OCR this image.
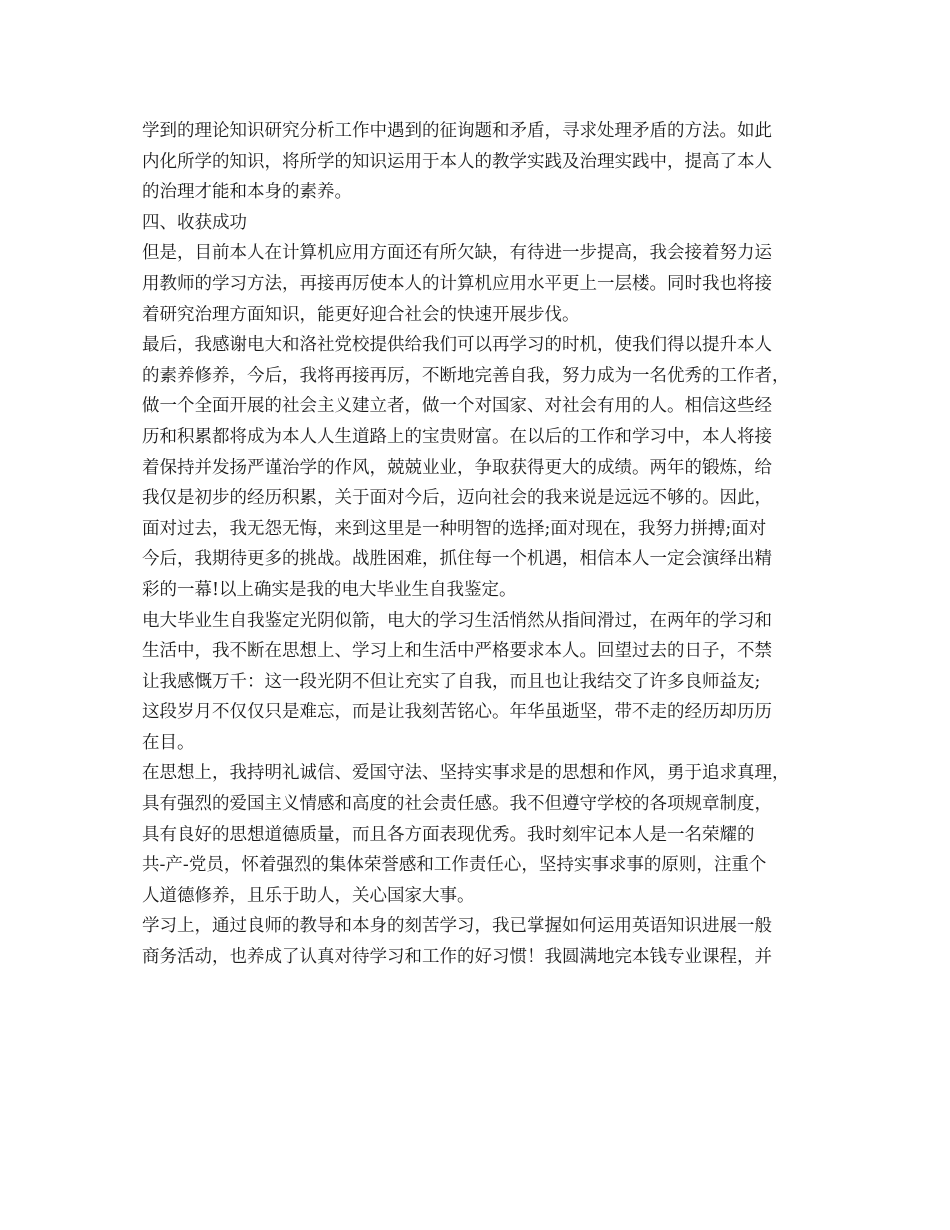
学到的理论知识研究分析工作中遇到的征询题和矛盾，寻求处理矛盾的方法。如此
内化所学的知识，将所学的知识运用于本人的教学实践及治理实践中，提高了本人
的治理才能和本身的素养。
四、收获成功
但是，目前本人在计算机应用方面还有所欠缺，有待进一步提高，我会接着努力运
用教师的学习方法，再接再厉使本人的计算机应用水平更上一层楼。同时我也将接
着研究治理方面知识，能更好迎合社会的快速开展步伐。
最后，我感谢电大和洛社党校提供给我们可以再学习的时机，使我们得以提升本人
的素养修养，今后，我将再接再厉，不断地完善自我，努力成为一名优秀的工作者，
做一个全面开展的社会主义建立者，做一个对国家、对社会有用的人。相信这些经
历和积累都将成为本人人生道路上的宝贵财富。在以后的工作和学习中，本人将接
着保持并发扬严谨治学的作风，兢兢业业，争取获得更大的成绩。两年的锻炼，给
我仅是初步的经历积累，关于面对今后，迈向社会的我来说是远远不够的。因此，
面对过去，我无怨无悔，来到这里是一种明智的选择;面对现在，我努力拼搏;面对
今后，我期待更多的挑战。战胜困难，抓住每一个机遇，相信本人一定会演绎出精
彩的一幕!以上确实是我的电大毕业生自我鉴定。
电大毕业生自我鉴定光阴似箭，电大的学习生活悄然从指间滑过，在两年的学习和
生活中，我不断在思想上、学习上和生活中严格要求本人。回望过去的日子，不禁
让我感慨万千：这一段光阴不但让充实了自我，而且也让我结交了许多良师益友;
这段岁月不仅仅只是难忘，而是让我刻苦铭心。年华虽逝坚，带不走的经历却历历
在目。
在思想上，我持明礼诚信、爱国守法、坚持实事求是的思想和作风，勇于追求真理，
具有强烈的爱国主义情感和高度的社会责任感。我不但遵守学校的各项规章制度，
具有良好的思想道德质量，而且各方面表现优秀。我时刻牢记本人是一名荣耀的
共-产-党员，怀着强烈的集体荣誉感和工作责任心，坚持实事求事的原则，注重个
人道德修养，且乐于助人，关心国家大事。
学习上，通过良师的教导和本身的刻苦学习，我已掌握如何运用英语知识进展一般
商务活动，也养成了认真对待学习和工作的好习惯！我圆满地完本钱专业课程，并
